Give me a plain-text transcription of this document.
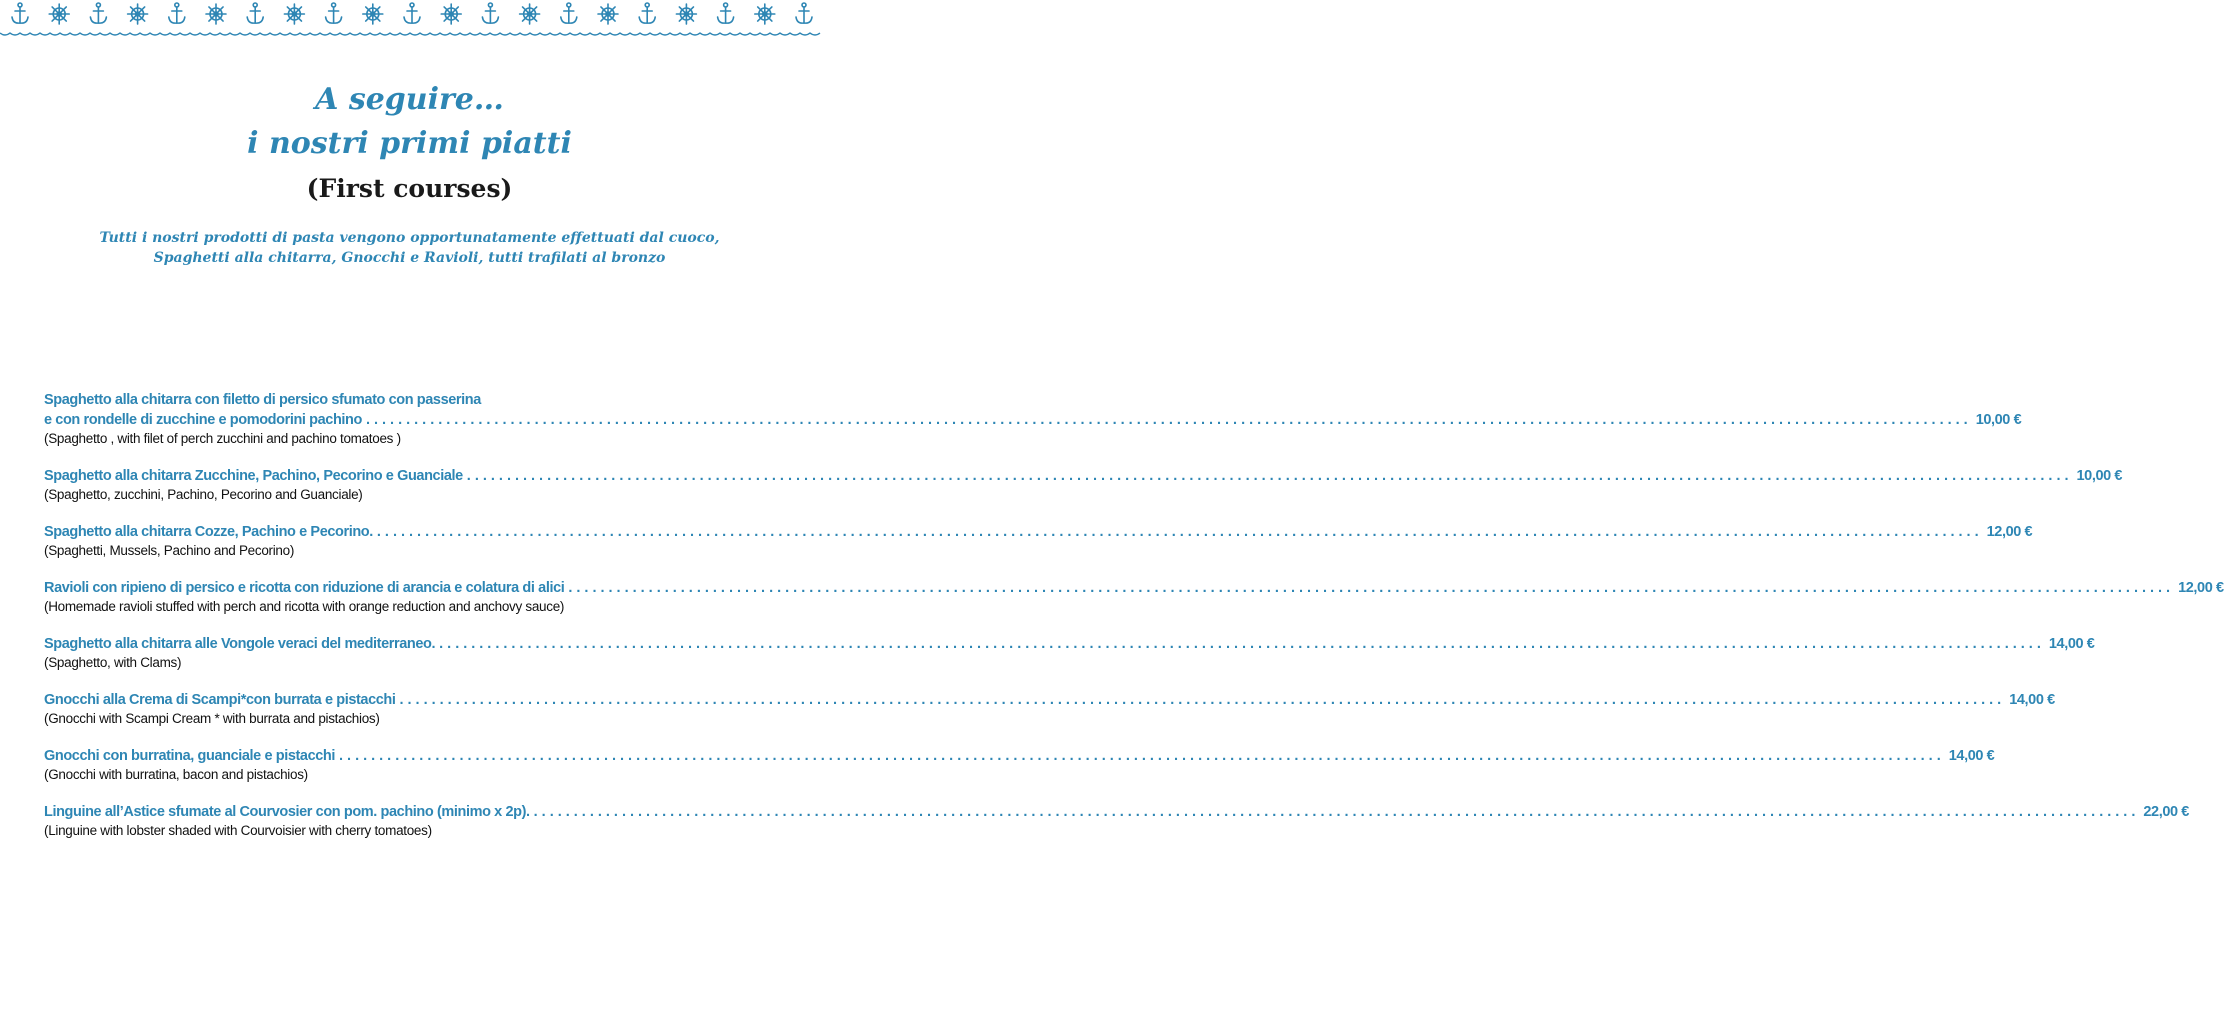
A seguire…
i nostri primi piatti
(First courses)
Tutti i nostri prodotti di pasta vengono opportunatamente effettuati dal cuoco,
Spaghetti alla chitarra, Gnocchi e Ravioli, tutti trafilati al bronzo
Spaghetto alla chitarra con filetto di persico sfumato con passerina
e con rondelle di zucchine e pomodorini pachino ........................................................................................................................................................................................................ 10,00 €
(Spaghetto , with filet of perch zucchini and pachino tomatoes )
Spaghetto alla chitarra Zucchine, Pachino, Pecorino e Guanciale ........................................................................................................................................................................................................ 10,00 €
(Spaghetto, zucchini, Pachino, Pecorino and Guanciale)
Spaghetto alla chitarra Cozze, Pachino e Pecorino. ........................................................................................................................................................................................................ 12,00 €
(Spaghetti, Mussels, Pachino and Pecorino)
Ravioli con ripieno di persico e ricotta con riduzione di arancia e colatura di alici ........................................................................................................................................................................................................ 12,00 €
(Homemade ravioli stuffed with perch and ricotta with orange reduction and anchovy sauce)
Spaghetto alla chitarra alle Vongole veraci del mediterraneo. ........................................................................................................................................................................................................ 14,00 €
(Spaghetto, with Clams)
Gnocchi alla Crema di Scampi*con burrata e pistacchi ........................................................................................................................................................................................................ 14,00 €
(Gnocchi with Scampi Cream * with burrata and pistachios)
Gnocchi con burratina, guanciale e pistacchi ........................................................................................................................................................................................................ 14,00 €
(Gnocchi with burratina, bacon and pistachios)
Linguine all’Astice sfumate al Courvosier con pom. pachino (minimo x 2p). ........................................................................................................................................................................................................ 22,00 €
(Linguine with lobster shaded with Courvoisier with cherry tomatoes)
